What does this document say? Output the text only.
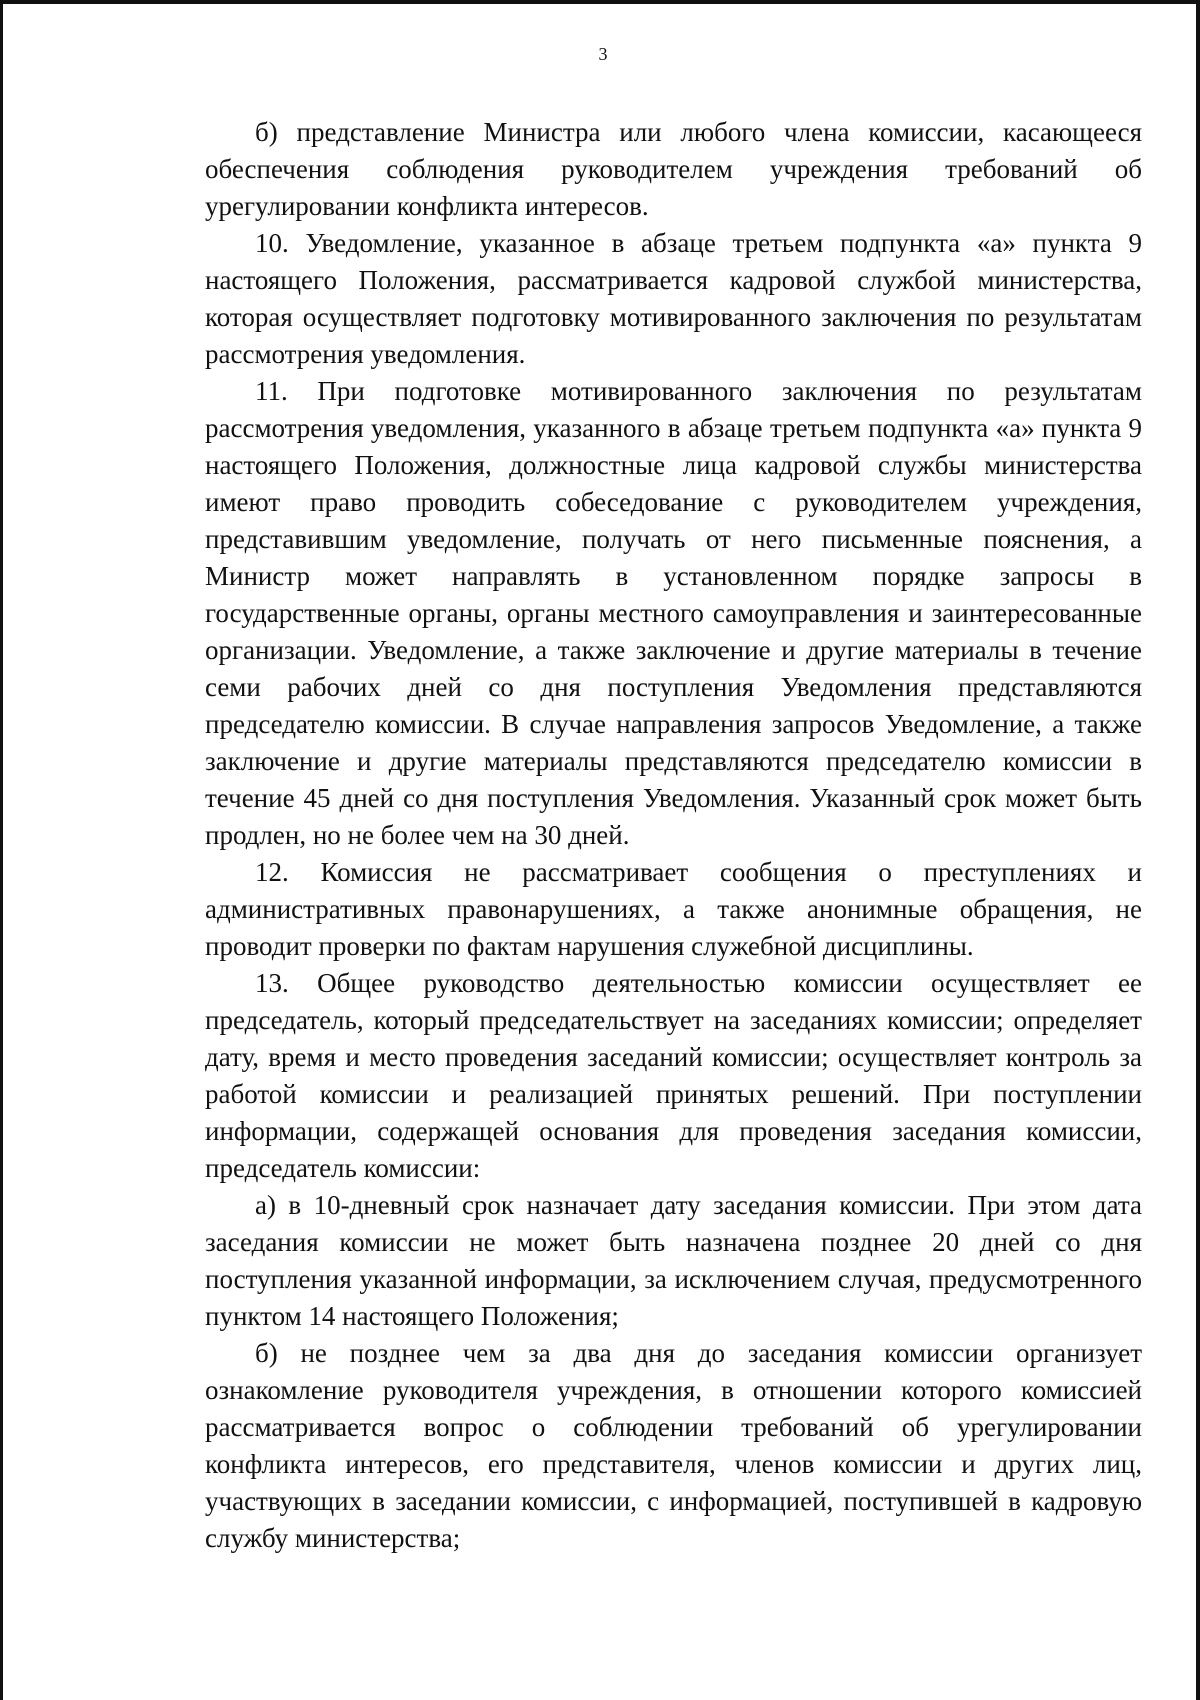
3

б) представление Министра или любого члена комиссии, касающееся обеспечения соблюдения руководителем учреждения требований об урегулировании конфликта интересов.

10. Уведомление, указанное в абзаце третьем подпункта «а» пункта 9 настоящего Положения, рассматривается кадровой службой министерства, которая осуществляет подготовку мотивированного заключения по результатам рассмотрения уведомления.

11. При подготовке мотивированного заключения по результатам рассмотрения уведомления, указанного в абзаце третьем подпункта «а» пункта 9 настоящего Положения, должностные лица кадровой службы министерства имеют право проводить собеседование с руководителем учреждения, представившим уведомление, получать от него письменные пояснения, а Министр может направлять в установленном порядке запросы в государственные органы, органы местного самоуправления и заинтересованные организации. Уведомление, а также заключение и другие материалы в течение семи рабочих дней со дня поступления Уведомления представляются председателю комиссии. В случае направления запросов Уведомление, а также заключение и другие материалы представляются председателю комиссии в течение 45 дней со дня поступления Уведомления. Указанный срок может быть продлен, но не более чем на 30 дней.

12. Комиссия не рассматривает сообщения о преступлениях и административных правонарушениях, а также анонимные обращения, не проводит проверки по фактам нарушения служебной дисциплины.

13. Общее руководство деятельностью комиссии осуществляет ее председатель, который председательствует на заседаниях комиссии; определяет дату, время и место проведения заседаний комиссии; осуществляет контроль за работой комиссии и реализацией принятых решений. При поступлении информации, содержащей основания для проведения заседания комиссии, председатель комиссии:

а) в 10-дневный срок назначает дату заседания комиссии. При этом дата заседания комиссии не может быть назначена позднее 20 дней со дня поступления указанной информации, за исключением случая, предусмотренного пунктом 14 настоящего Положения;

б) не позднее чем за два дня до заседания комиссии организует ознакомление руководителя учреждения, в отношении которого комиссией рассматривается вопрос о соблюдении требований об урегулировании конфликта интересов, его представителя, членов комиссии и других лиц, участвующих в заседании комиссии, с информацией, поступившей в кадровую службу министерства;
